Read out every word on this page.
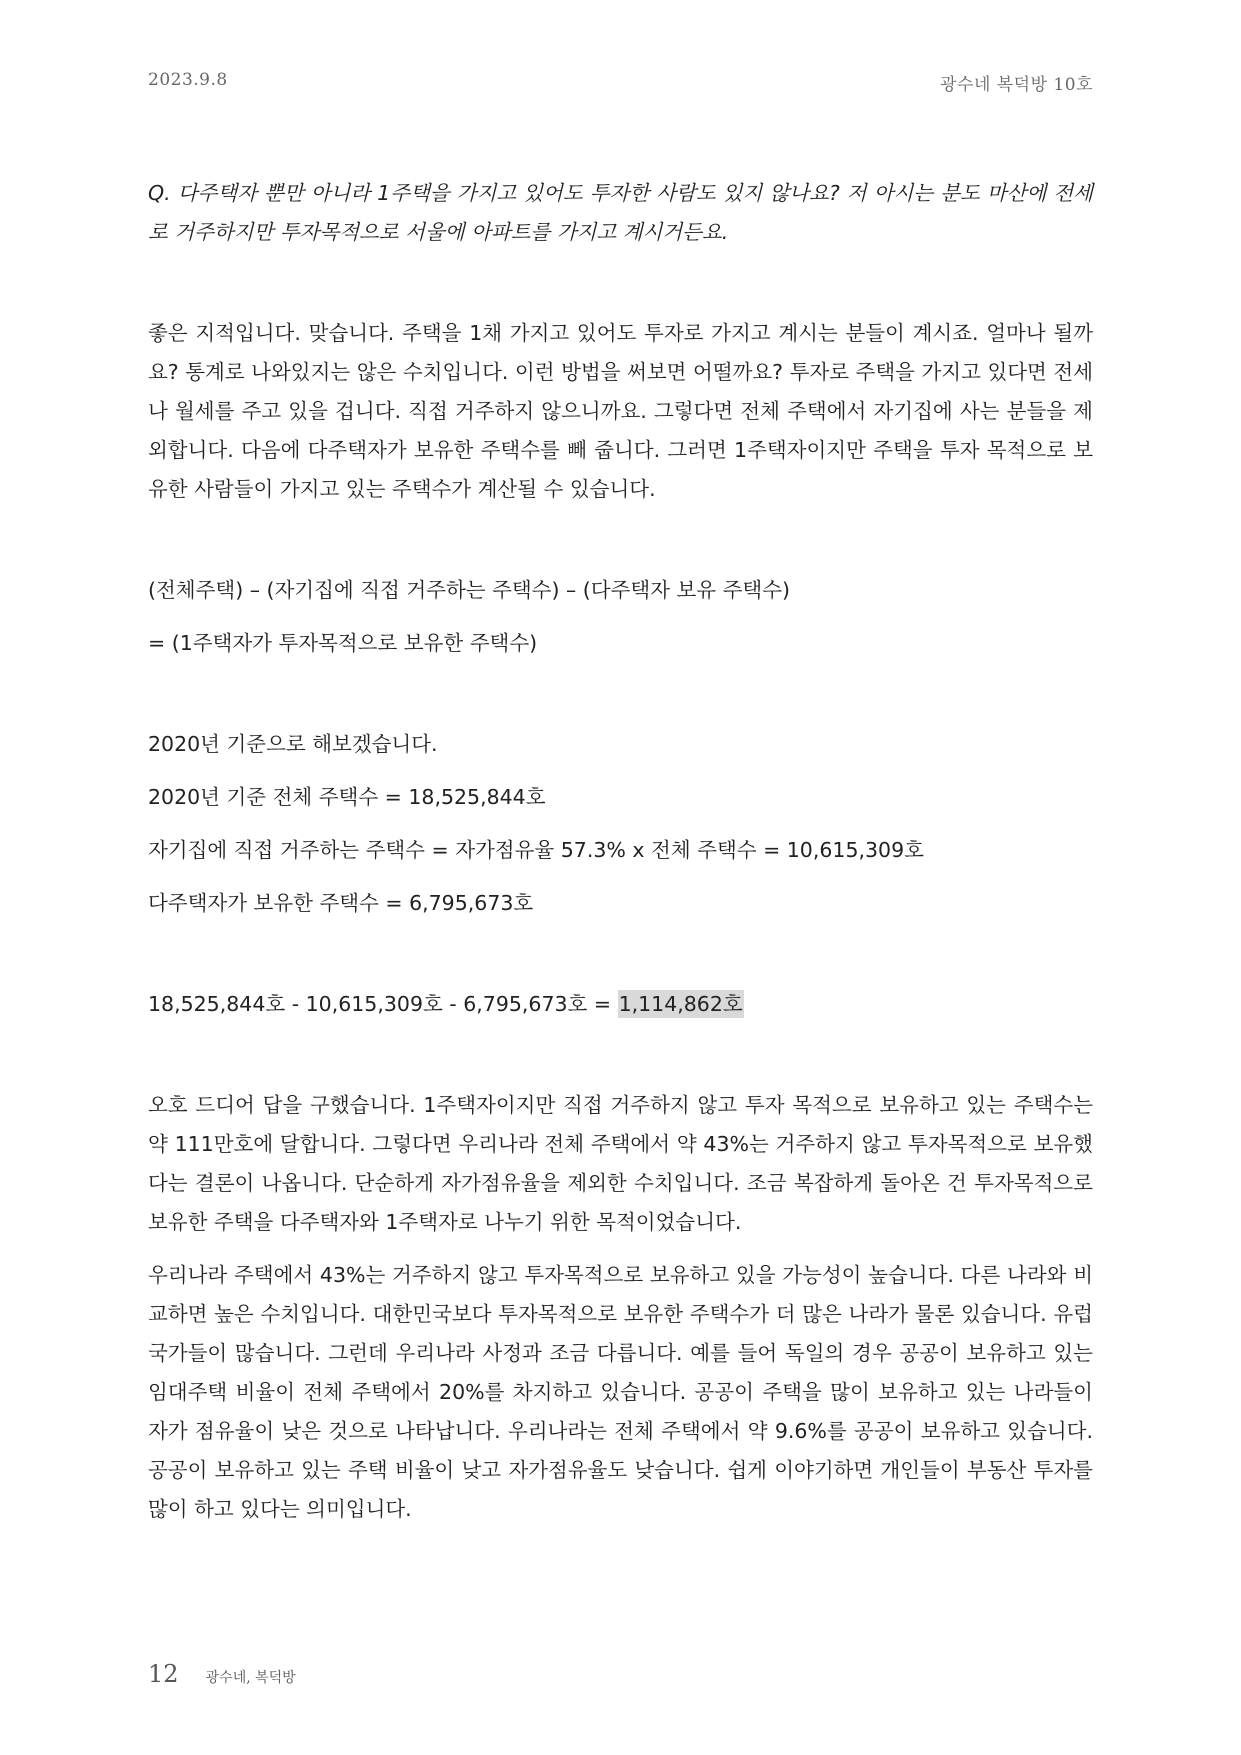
2023.9.8	광수네 복덕방 10호

Q. 다주택자 뿐만 아니라 1주택을 가지고 있어도 투자한 사람도 있지 않나요? 저 아시는 분도 마산에 전세로 거주하지만 투자목적으로 서울에 아파트를 가지고 계시거든요.

좋은 지적입니다. 맞습니다. 주택을 1채 가지고 있어도 투자로 가지고 계시는 분들이 계시죠. 얼마나 될까요? 통계로 나와있지는 않은 수치입니다. 이런 방법을 써보면 어떨까요? 투자로 주택을 가지고 있다면 전세나 월세를 주고 있을 겁니다. 직접 거주하지 않으니까요. 그렇다면 전체 주택에서 자기집에 사는 분들을 제외합니다. 다음에 다주택자가 보유한 주택수를 빼 줍니다. 그러면 1주택자이지만 주택을 투자 목적으로 보유한 사람들이 가지고 있는 주택수가 계산될 수 있습니다.

(전체주택) – (자기집에 직접 거주하는 주택수) – (다주택자 보유 주택수)

= (1주택자가 투자목적으로 보유한 주택수)

2020년 기준으로 해보겠습니다.

2020년 기준 전체 주택수 = 18,525,844호

자기집에 직접 거주하는 주택수 = 자가점유율 57.3% x 전체 주택수 = 10,615,309호

다주택자가 보유한 주택수 = 6,795,673호

18,525,844호 - 10,615,309호 - 6,795,673호 = 1,114,862호

오호 드디어 답을 구했습니다. 1주택자이지만 직접 거주하지 않고 투자 목적으로 보유하고 있는 주택수는 약 111만호에 달합니다. 그렇다면 우리나라 전체 주택에서 약 43%는 거주하지 않고 투자목적으로 보유했다는 결론이 나옵니다. 단순하게 자가점유율을 제외한 수치입니다. 조금 복잡하게 돌아온 건 투자목적으로 보유한 주택을 다주택자와 1주택자로 나누기 위한 목적이었습니다.

우리나라 주택에서 43%는 거주하지 않고 투자목적으로 보유하고 있을 가능성이 높습니다. 다른 나라와 비교하면 높은 수치입니다. 대한민국보다 투자목적으로 보유한 주택수가 더 많은 나라가 물론 있습니다. 유럽 국가들이 많습니다. 그런데 우리나라 사정과 조금 다릅니다. 예를 들어 독일의 경우 공공이 보유하고 있는 임대주택 비율이 전체 주택에서 20%를 차지하고 있습니다. 공공이 주택을 많이 보유하고 있는 나라들이 자가 점유율이 낮은 것으로 나타납니다. 우리나라는 전체 주택에서 약 9.6%를 공공이 보유하고 있습니다. 공공이 보유하고 있는 주택 비율이 낮고 자가점유율도 낮습니다. 쉽게 이야기하면 개인들이 부동산 투자를 많이 하고 있다는 의미입니다.

12 광수네, 복덕방
